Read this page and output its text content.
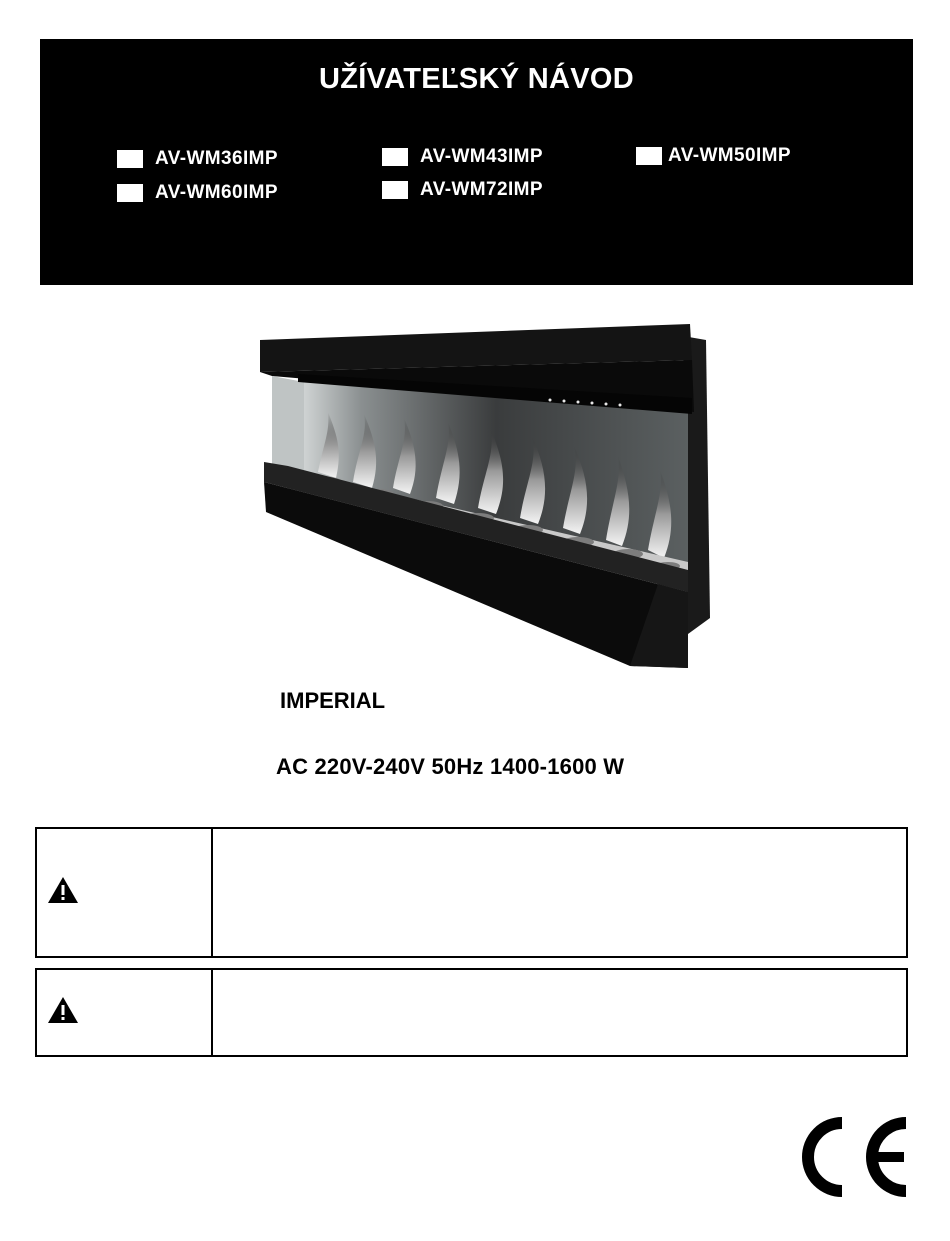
UŽÍVATEĽSKÝ NÁVOD
AV-WM36IMP	AV-WM43IMP	AV-WM50IMP
AV-WM60IMP	AV-WM72IMP
IMPERIAL
AC 220V-240V 50Hz 1400-1600 W
